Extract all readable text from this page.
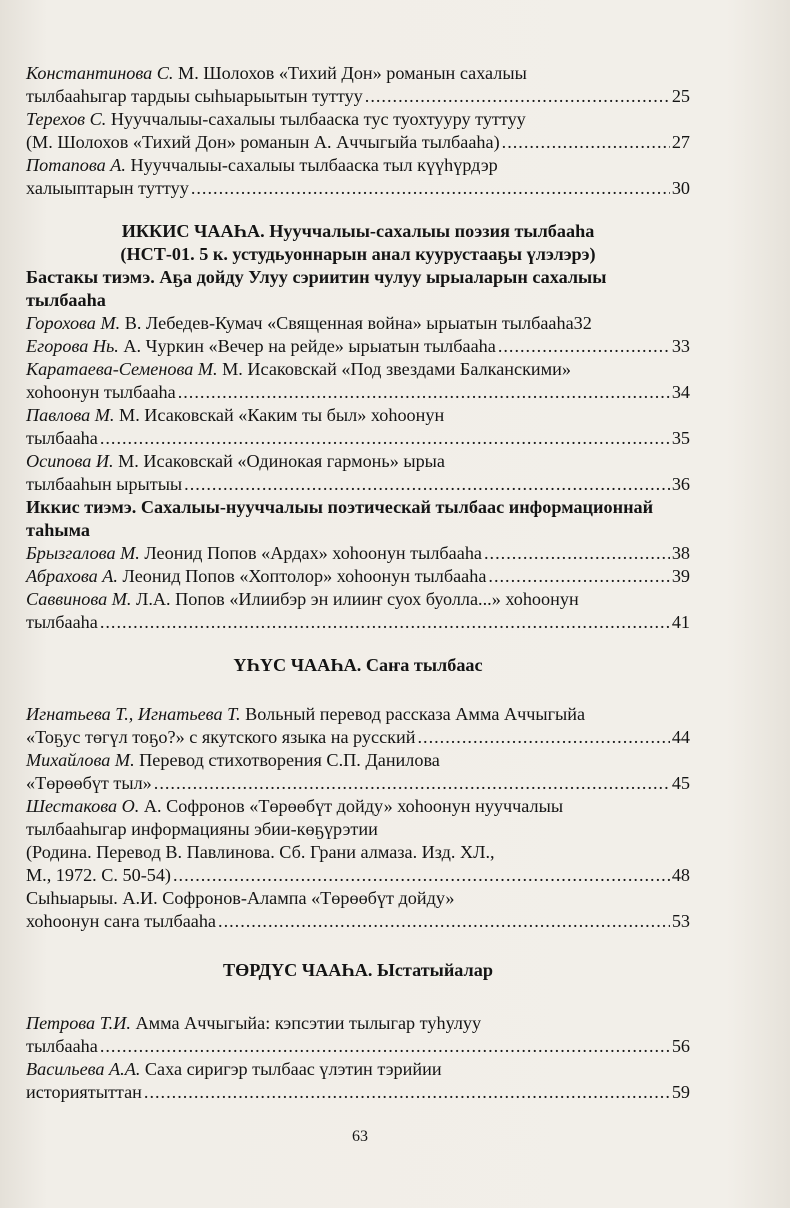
Константинова С. М. Шолохов «Тихий Дон» романын сахалыы
тылбааһыгар тардыы сыһыарыытын туттуу .....	25
Терехов С. Нууччалыы-сахалыы тылбааска тус туохтууру туттуу
(М. Шолохов «Тихий Дон» романын А. Аччыгыйа тылбааһа) .....	27
Потапова А. Нууччалыы-сахалыы тылбааска тыл күүһүрдэр
халыыптарын туттуу .....	30
ИККИС ЧААҺА. Нууччалыы-сахалыы поэзия тылбааһа
(НСТ-01. 5 к. устудьуоннарын анал куурустааҕы үлэлэрэ)
Бастакы тиэмэ. Аҕа дойду Улуу сэриитин чулуу ырыаларын сахалыы
тылбааһа
Горохова М. В. Лебедев-Кумач «Священная война» ырыатын тылбааһа 32
Егорова Нь. А. Чуркин «Вечер на рейде» ырыатын тылбааһа .....	33
Каратаева-Семенова М. М. Исаковскай «Под звездами Балканскими»
хоһоонун тылбааһа .....	34
Павлова М. М. Исаковскай «Каким ты был» хоһоонун
тылбааһа .....	35
Осипова И. М. Исаковскай «Одинокая гармонь» ырыа
тылбааһын ырытыы .....	36
Иккис тиэмэ. Сахалыы-нууччалыы поэтическай тылбаас информационнай
таһыма
Брызгалова М. Леонид Попов «Ардах» хоһоонун тылбааһа .....	38
Абрахова А. Леонид Попов «Хоптолор» хоһоонун тылбааһа .....	39
Саввинова М. Л.А. Попов «Илиибэр эн илииҥ суох буолла...» хоһоонун
тылбааһа .....	41
ҮҺҮС ЧААҺА. Саҥа тылбаас
Игнатьева Т., Игнатьева Т. Вольный перевод рассказа Амма Аччыгыйа
«Тоҕус төгүл тоҕо?» с якутского языка на русский .....	44
Михайлова М. Перевод стихотворения С.П. Данилова
«Төрөөбүт тыл» .....	45
Шестакова О. А. Софронов «Төрөөбүт дойду» хоһоонун нууччалыы
тылбааһыгар информацияны эбии-көҕүрэтии
(Родина. Перевод В. Павлинова. Сб. Грани алмаза. Изд. ХЛ.,
М., 1972. С. 50-54) .....	48
Сыһыарыы. А.И. Софронов-Алампа «Төрөөбүт дойду»
хоһоонун саҥа тылбааһа .....	53
ТӨРДҮС ЧААҺА. Ыстатыйалар
Петрова Т.И. Амма Аччыгыйа: кэпсэтии тылыгар туһулуу
тылбааһа .....	56
Васильева А.А. Саха сиригэр тылбаас үлэтин тэрийии
историятыттан .....	59
63
